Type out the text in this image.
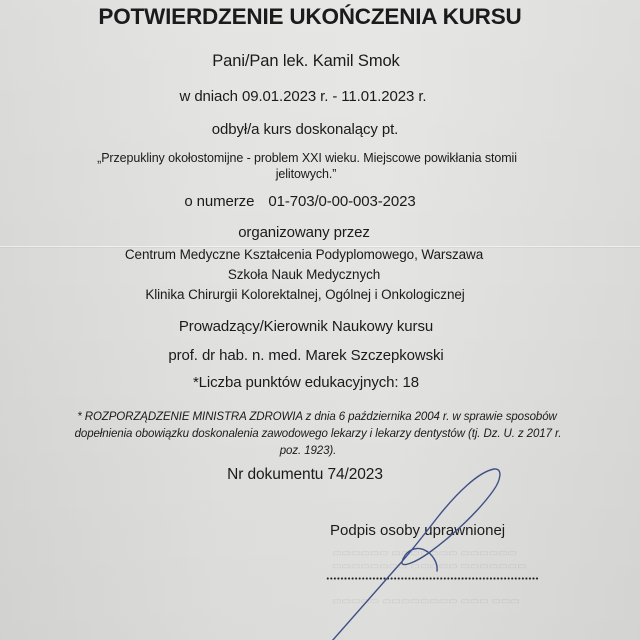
POTWIERDZENIE UKOŃCZENIA KURSU
Pani/Pan lek. Kamil Smok
w dniach 09.01.2023 r. - 11.01.2023 r.
odbył/a kurs doskonalący pt.
„Przepukliny okołostomijne - problem XXI wieku. Miejscowe powikłania stomii
jelitowych.”
o numerze 01-703/0-00-003-2023
organizowany przez
Centrum Medyczne Kształcenia Podyplomowego, Warszawa
Szkoła Nauk Medycznych
Klinika Chirurgii Kolorektalnej, Ogólnej i Onkologicznej
Prowadzący/Kierownik Naukowy kursu
prof. dr hab. n. med. Marek Szczepkowski
*Liczba punktów edukacyjnych: 18
* ROZPORZĄDZENIE MINISTRA ZDROWIA z dnia 6 października 2004 r. w sprawie sposobów
dopełnienia obowiązku doskonalenia zawodowego lekarzy i lekarzy dentystów (tj. Dz. U. z 2017 r.
poz. 1923).
Nr dokumentu 74/2023
▭▭▭▭▭▭ ▭▭▭▭▭▭▭ ▭▭▭▭▭▭
▭▭▭▭▭▭▭▭ ▭▭▭▭▭ ▭▭▭▭▭▭▭
▭▭▭▭▭ ▭▭▭▭▭▭▭▭ ▭▭▭ ▭▭▭
Podpis osoby uprawnionej
